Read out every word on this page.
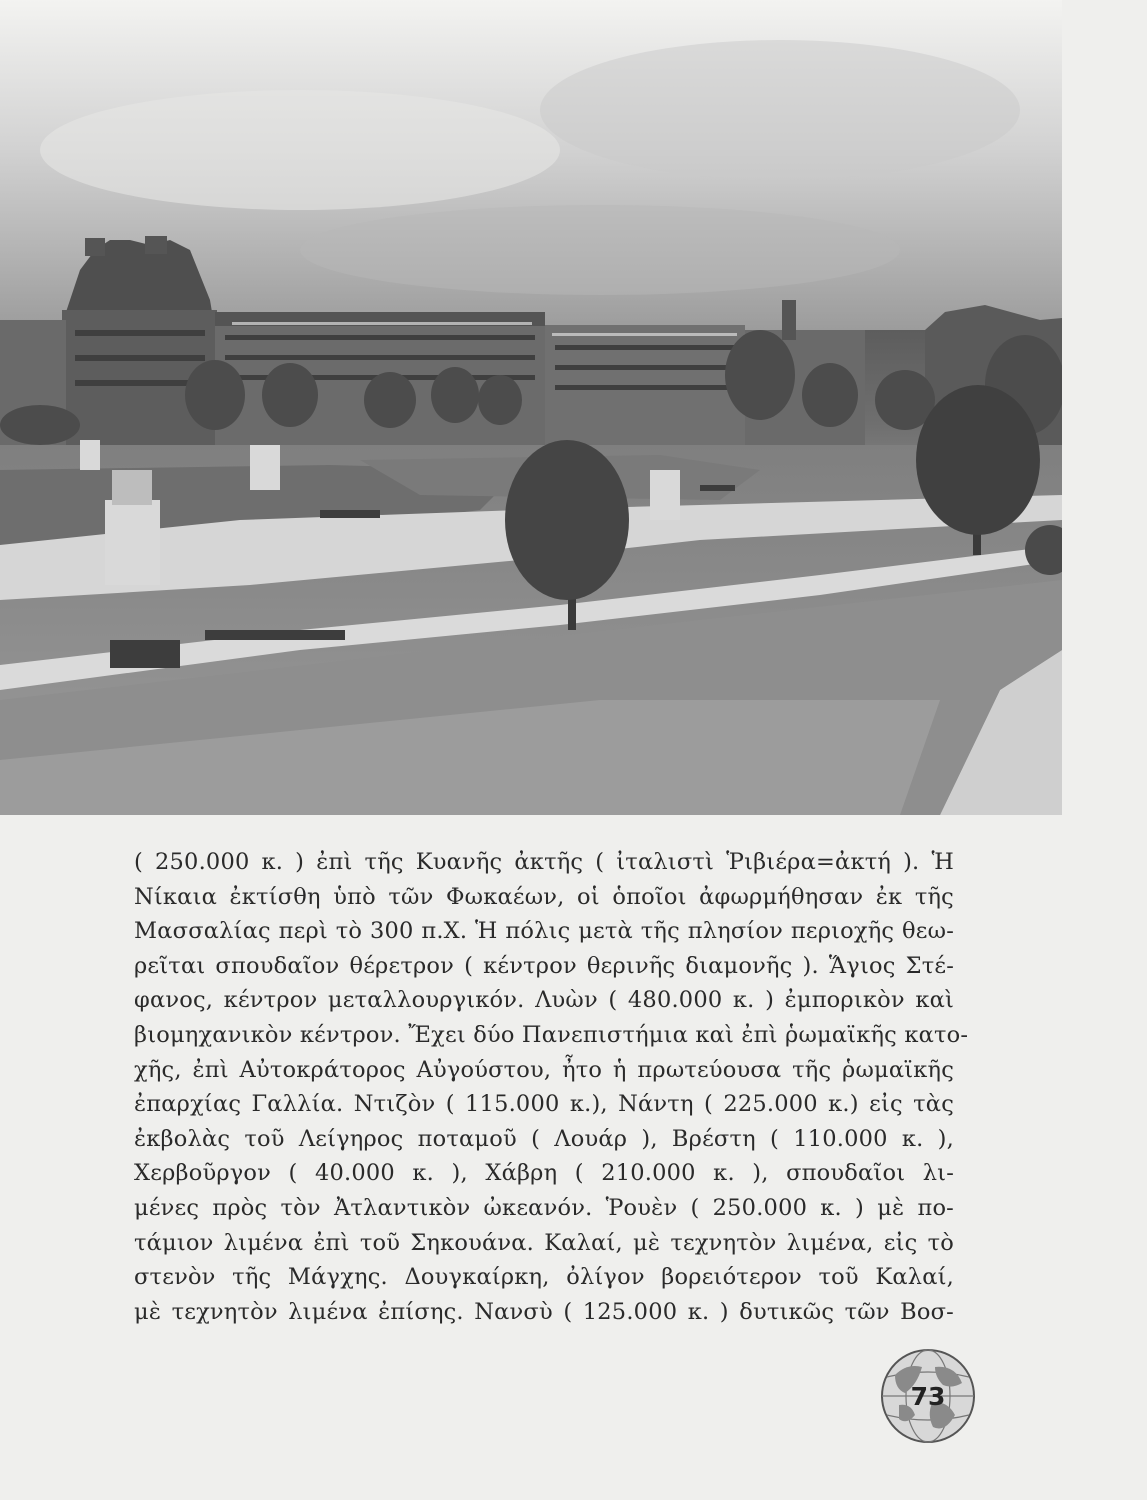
( 250.000 κ. ) ἐπὶ τῆς Κυανῆς ἀκτῆς ( ἰταλιστὶ Ῥιβιέρα=ἀκτή ). Ἡ
Νίκαια ἐκτίσθη ὑπὸ τῶν Φωκαέων, οἱ ὁποῖοι ἀφωρμήθησαν ἐκ τῆς
Μασσαλίας περὶ τὸ 300 π.Χ. Ἡ πόλις μετὰ τῆς πλησίον περιοχῆς θεω-
ρεῖται σπουδαῖον θέρετρον ( κέντρον θερινῆς διαμονῆς ). Ἅγιος Στέ-
φανος, κέντρον μεταλλουργικόν. Λυὼν ( 480.000 κ. ) ἐμπορικὸν καὶ
βιομηχανικὸν κέντρον. Ἔχει δύο Πανεπιστήμια καὶ ἐπὶ ῥωμαϊκῆς κατο-
χῆς, ἐπὶ Αὐτοκράτορος Αὐγούστου, ἦτο ἡ πρωτεύουσα τῆς ῥωμαϊκῆς
ἐπαρχίας Γαλλία. Ντιζὸν ( 115.000 κ.), Νάντη ( 225.000 κ.) εἰς τὰς
ἐκβολὰς τοῦ Λείγηρος ποταμοῦ ( Λουάρ ), Βρέστη ( 110.000 κ. ),
Χερβοῦργον ( 40.000 κ. ), Χάβρη ( 210.000 κ. ), σπουδαῖοι λι-
μένες πρὸς τὸν Ἀτλαντικὸν ὠκεανόν. Ῥουὲν ( 250.000 κ. ) μὲ πο-
τάμιον λιμένα ἐπὶ τοῦ Σηκουάνα. Καλαί, μὲ τεχνητὸν λιμένα, εἰς τὸ
στενὸν τῆς Μάγχης. Δουγκαίρκη, ὀλίγον βορειότερον τοῦ Καλαί,
μὲ τεχνητὸν λιμένα ἐπίσης. Νανσὺ ( 125.000 κ. ) δυτικῶς τῶν Βοσ-
73
